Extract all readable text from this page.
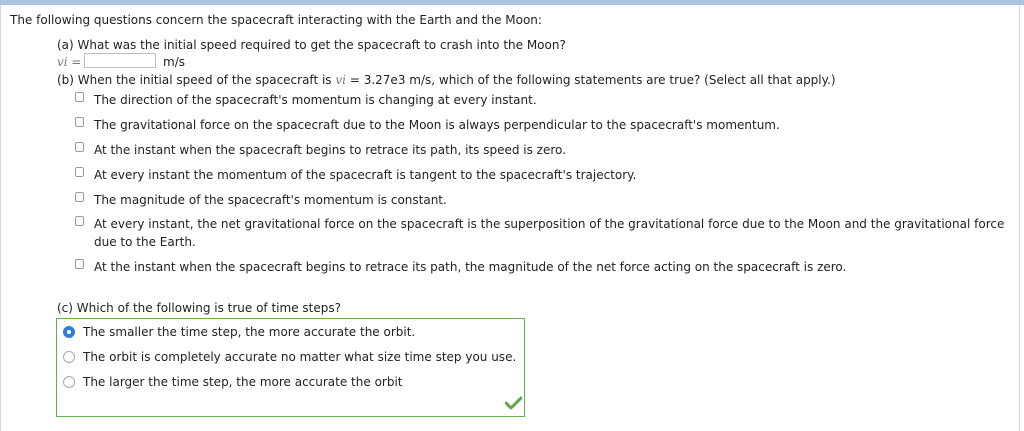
The following questions concern the spacecraft interacting with the Earth and the Moon:
(a) What was the initial speed required to get the spacecraft to crash into the Moon?
vi =	m/s
(b) When the initial speed of the spacecraft is vi = 3.27e3 m/s, which of the following statements are true? (Select all that apply.)
The direction of the spacecraft's momentum is changing at every instant.
The gravitational force on the spacecraft due to the Moon is always perpendicular to the spacecraft's momentum.
At the instant when the spacecraft begins to retrace its path, its speed is zero.
At every instant the momentum of the spacecraft is tangent to the spacecraft's trajectory.
The magnitude of the spacecraft's momentum is constant.
At every instant, the net gravitational force on the spacecraft is the superposition of the gravitational force due to the Moon and the gravitational force due to the Earth.
At the instant when the spacecraft begins to retrace its path, the magnitude of the net force acting on the spacecraft is zero.
(c) Which of the following is true of time steps?
The smaller the time step, the more accurate the orbit.
The orbit is completely accurate no matter what size time step you use.
The larger the time step, the more accurate the orbit
